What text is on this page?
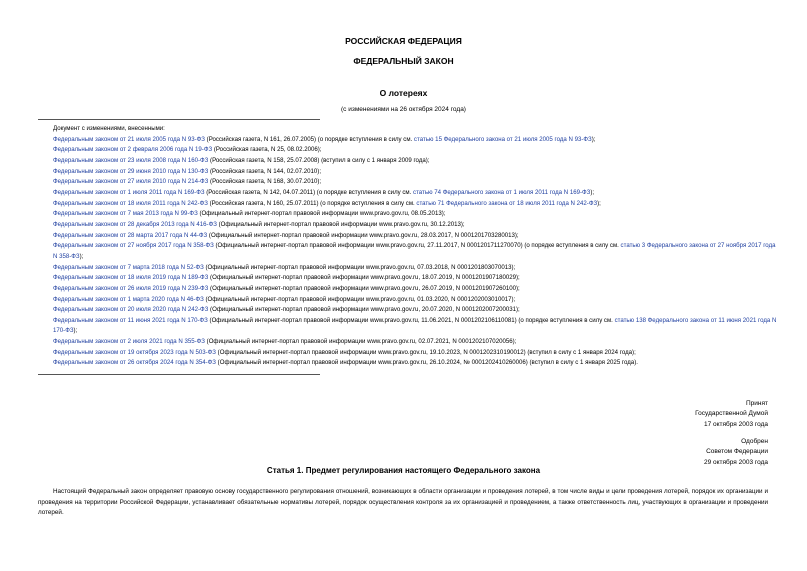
РОССИЙСКАЯ ФЕДЕРАЦИЯ
ФЕДЕРАЛЬНЫЙ ЗАКОН
О лотереях
(с изменениями на 26 октября 2024 года)
Документ с изменениями, внесенными:
Федеральным законом от 21 июля 2005 года N 93-ФЗ (Российская газета, N 161, 26.07.2005) (о порядке вступления в силу см. статью 15 Федерального закона от 21 июля 2005 года N 93-ФЗ);
Федеральным законом от 2 февраля 2006 года N 19-ФЗ (Российская газета, N 25, 08.02.2006);
Федеральным законом от 23 июля 2008 года N 160-ФЗ (Российская газета, N 158, 25.07.2008) (вступил в силу с 1 января 2009 года);
Федеральным законом от 29 июня 2010 года N 130-ФЗ (Российская газета, N 144, 02.07.2010);
Федеральным законом от 27 июля 2010 года N 214-ФЗ (Российская газета, N 168, 30.07.2010);
Федеральным законом от 1 июля 2011 года N 169-ФЗ (Российская газета, N 142, 04.07.2011) (о порядке вступления в силу см. статью 74 Федерального закона от 1 июля 2011 года N 169-ФЗ);
Федеральным законом от 18 июля 2011 года N 242-ФЗ (Российская газета, N 160, 25.07.2011) (о порядке вступления в силу см. статью 71 Федерального закона от 18 июля 2011 года N 242-ФЗ);
Федеральным законом от 7 мая 2013 года N 99-ФЗ (Официальный интернет-портал правовой информации www.pravo.gov.ru, 08.05.2013);
Федеральным законом от 28 декабря 2013 года N 416-ФЗ (Официальный интернет-портал правовой информации www.pravo.gov.ru, 30.12.2013);
Федеральным законом от 28 марта 2017 года N 44-ФЗ (Официальный интернет-портал правовой информации www.pravo.gov.ru, 28.03.2017, N 0001201703280013);
Федеральным законом от 27 ноября 2017 года N 358-ФЗ (Официальный интернет-портал правовой информации www.pravo.gov.ru, 27.11.2017, N 0001201711270070) (о порядке вступления в силу см. статью 3 Федерального закона от 27 ноября 2017 года N 358-ФЗ);
Федеральным законом от 7 марта 2018 года N 52-ФЗ (Официальный интернет-портал правовой информации www.pravo.gov.ru, 07.03.2018, N 0001201803070013);
Федеральным законом от 18 июля 2019 года N 189-ФЗ (Официальный интернет-портал правовой информации www.pravo.gov.ru, 18.07.2019, N 0001201907180029);
Федеральным законом от 26 июля 2019 года N 239-ФЗ (Официальный интернет-портал правовой информации www.pravo.gov.ru, 26.07.2019, N 0001201907260100);
Федеральным законом от 1 марта 2020 года N 46-ФЗ (Официальный интернет-портал правовой информации www.pravo.gov.ru, 01.03.2020, N 0001202003010017);
Федеральным законом от 20 июля 2020 года N 242-ФЗ (Официальный интернет-портал правовой информации www.pravo.gov.ru, 20.07.2020, N 0001202007200031);
Федеральным законом от 11 июня 2021 года N 170-ФЗ (Официальный интернет-портал правовой информации www.pravo.gov.ru, 11.06.2021, N 0001202106110081) (о порядке вступления в силу см. статью 138 Федерального закона от 11 июня 2021 года N 170-ФЗ);
Федеральным законом от 2 июля 2021 года N 355-ФЗ (Официальный интернет-портал правовой информации www.pravo.gov.ru, 02.07.2021, N 0001202107020056);
Федеральным законом от 19 октября 2023 года N 503-ФЗ (Официальный интернет-портал правовой информации www.pravo.gov.ru, 19.10.2023, N 0001202310190012) (вступил в силу с 1 января 2024 года);
Федеральным законом от 26 октября 2024 года N 354-ФЗ (Официальный интернет-портал правовой информации www.pravo.gov.ru, 26.10.2024, № 0001202410260006) (вступил в силу с 1 января 2025 года).
Принят
Государственной Думой
17 октября 2003 года
Одобрен
Советом Федерации
29 октября 2003 года
Статья 1. Предмет регулирования настоящего Федерального закона
Настоящий Федеральный закон определяет правовую основу государственного регулирования отношений, возникающих в области организации и проведения лотерей, в том числе виды и цели проведения лотерей, порядок их организации и проведения на территории Российской Федерации, устанавливает обязательные нормативы лотерей, порядок осуществления контроля за их организацией и проведением, а также ответственность лиц, участвующих в организации и проведении лотерей.
